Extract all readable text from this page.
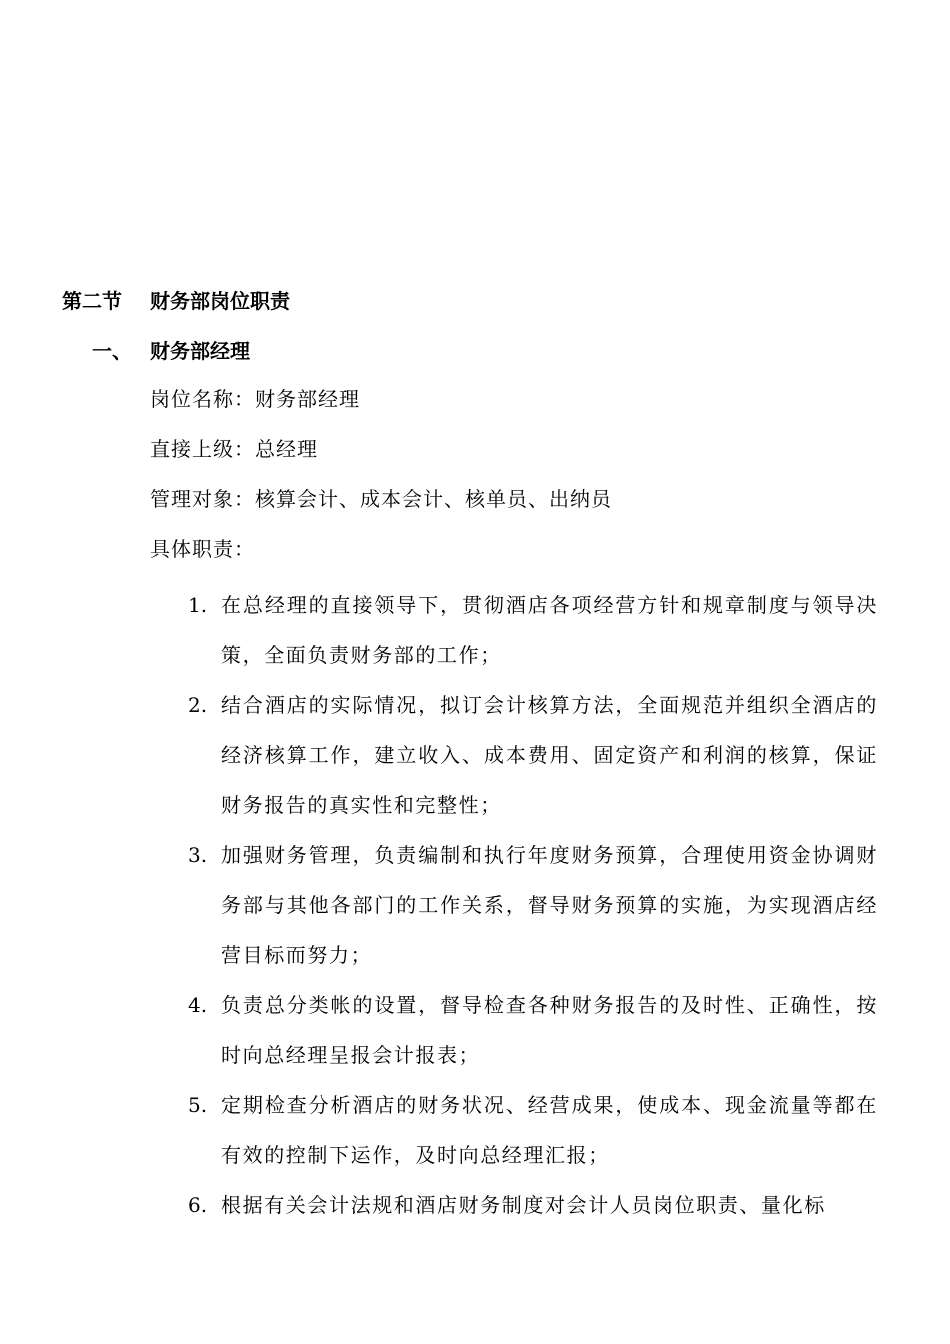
第二节 财务部岗位职责
一、 财务部经理
岗位名称：财务部经理
直接上级：总经理
管理对象：核算会计、成本会计、核单员、出纳员
具体职责：
1. 在总经理的直接领导下，贯彻酒店各项经营方针和规章制度与领导决策，全面负责财务部的工作；
2. 结合酒店的实际情况，拟订会计核算方法，全面规范并组织全酒店的经济核算工作，建立收入、成本费用、固定资产和利润的核算，保证财务报告的真实性和完整性；
3. 加强财务管理，负责编制和执行年度财务预算，合理使用资金协调财务部与其他各部门的工作关系，督导财务预算的实施，为实现酒店经营目标而努力；
4. 负责总分类帐的设置，督导检查各种财务报告的及时性、正确性，按时向总经理呈报会计报表；
5. 定期检查分析酒店的财务状况、经营成果，使成本、现金流量等都在有效的控制下运作，及时向总经理汇报；
6. 根据有关会计法规和酒店财务制度对会计人员岗位职责、量化标
